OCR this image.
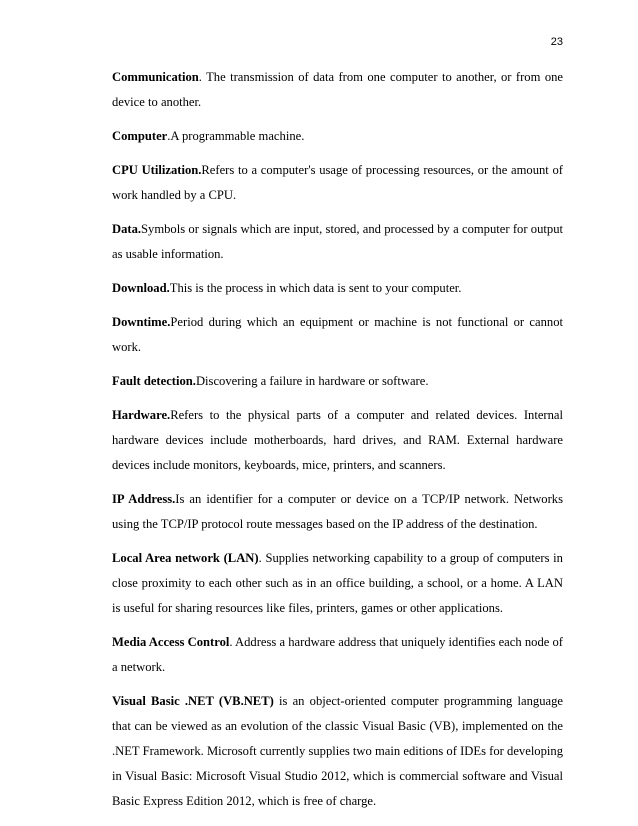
23

Communication. The transmission of data from one computer to another, or from one device to another.

Computer.A programmable machine.

CPU Utilization.Refers to a computer's usage of processing resources, or the amount of work handled by a CPU.

Data.Symbols or signals which are input, stored, and processed by a computer for output as usable information.

Download.This is the process in which data is sent to your computer.

Downtime.Period during which an equipment or machine is not functional or cannot work.

Fault detection.Discovering a failure in hardware or software.

Hardware.Refers to the physical parts of a computer and related devices. Internal hardware devices include motherboards, hard drives, and RAM. External hardware devices include monitors, keyboards, mice, printers, and scanners.

IP Address.Is an identifier for a computer or device on a TCP/IP network. Networks using the TCP/IP protocol route messages based on the IP address of the destination.

Local Area network (LAN). Supplies networking capability to a group of computers in close proximity to each other such as in an office building, a school, or a home. A LAN is useful for sharing resources like files, printers, games or other applications.

Media Access Control. Address a hardware address that uniquely identifies each node of a network.

Visual Basic .NET (VB.NET) is an object-oriented computer programming language that can be viewed as an evolution of the classic Visual Basic (VB), implemented on the .NET Framework. Microsoft currently supplies two main editions of IDEs for developing in Visual Basic: Microsoft Visual Studio 2012, which is commercial software and Visual Basic Express Edition 2012, which is free of charge.
